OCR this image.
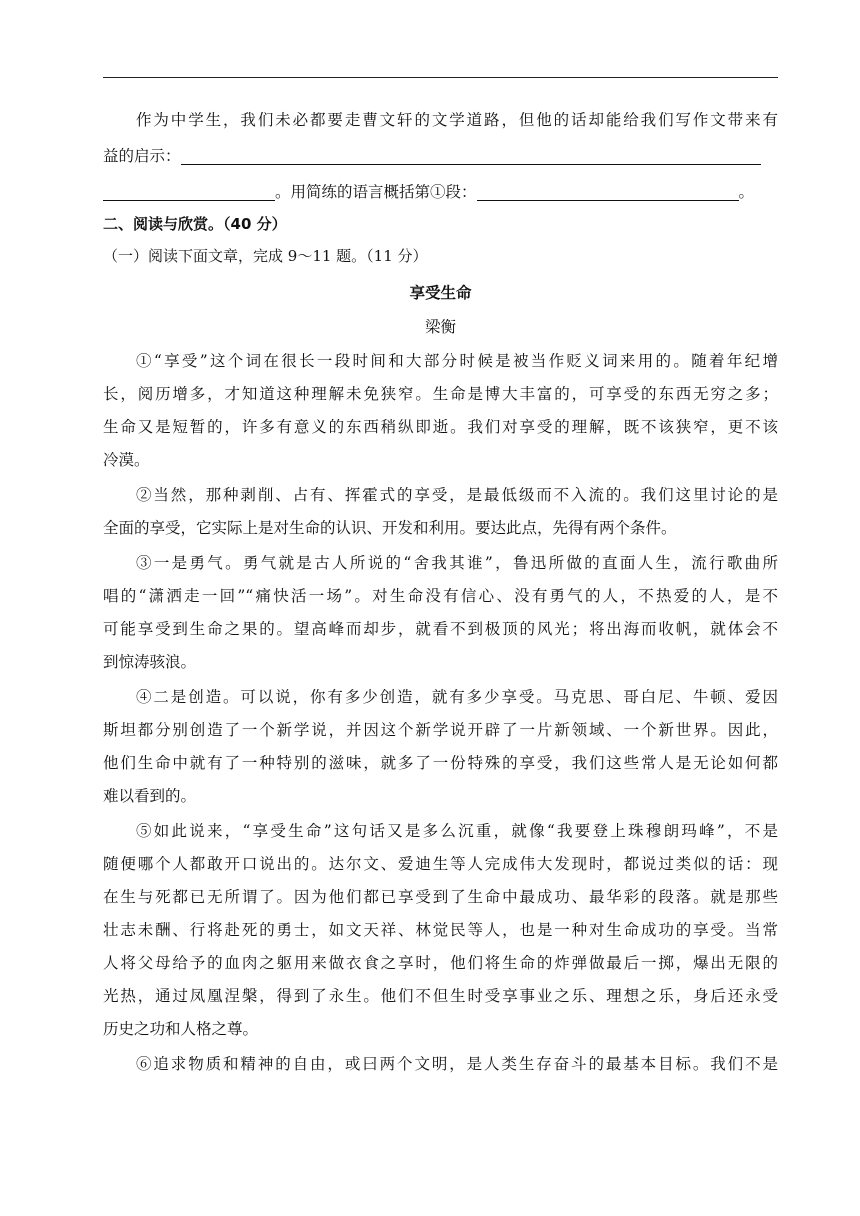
作为中学生，我们未必都要走曹文轩的文学道路，但他的话却能给我们写作文带来有
益的启示：
。用简练的语言概括第①段：	。
二、阅读与欣赏。（40 分）
（一）阅读下面文章，完成 9～11 题。（11 分）
享受生命
梁衡
①“享受”这个词在很长一段时间和大部分时候是被当作贬义词来用的。随着年纪增
长，阅历增多，才知道这种理解未免狭窄。生命是博大丰富的，可享受的东西无穷之多；
生命又是短暂的，许多有意义的东西稍纵即逝。我们对享受的理解，既不该狭窄，更不该
冷漠。
②当然，那种剥削、占有、挥霍式的享受，是最低级而不入流的。我们这里讨论的是
全面的享受，它实际上是对生命的认识、开发和利用。要达此点，先得有两个条件。
③一是勇气。勇气就是古人所说的“舍我其谁”，鲁迅所做的直面人生，流行歌曲所
唱的“潇洒走一回”“痛快活一场”。对生命没有信心、没有勇气的人，不热爱的人，是不
可能享受到生命之果的。望高峰而却步，就看不到极顶的风光；将出海而收帆，就体会不
到惊涛骇浪。
④二是创造。可以说，你有多少创造，就有多少享受。马克思、哥白尼、牛顿、爱因
斯坦都分别创造了一个新学说，并因这个新学说开辟了一片新领域、一个新世界。因此，
他们生命中就有了一种特别的滋味，就多了一份特殊的享受，我们这些常人是无论如何都
难以看到的。
⑤如此说来，“享受生命”这句话又是多么沉重，就像“我要登上珠穆朗玛峰”，不是
随便哪个人都敢开口说出的。达尔文、爱迪生等人完成伟大发现时，都说过类似的话：现
在生与死都已无所谓了。因为他们都已享受到了生命中最成功、最华彩的段落。就是那些
壮志未酬、行将赴死的勇士，如文天祥、林觉民等人，也是一种对生命成功的享受。当常
人将父母给予的血肉之躯用来做衣食之享时，他们将生命的炸弹做最后一掷，爆出无限的
光热，通过凤凰涅槃，得到了永生。他们不但生时受享事业之乐、理想之乐，身后还永受
历史之功和人格之尊。
⑥追求物质和精神的自由，或曰两个文明，是人类生存奋斗的最基本目标。我们不是
